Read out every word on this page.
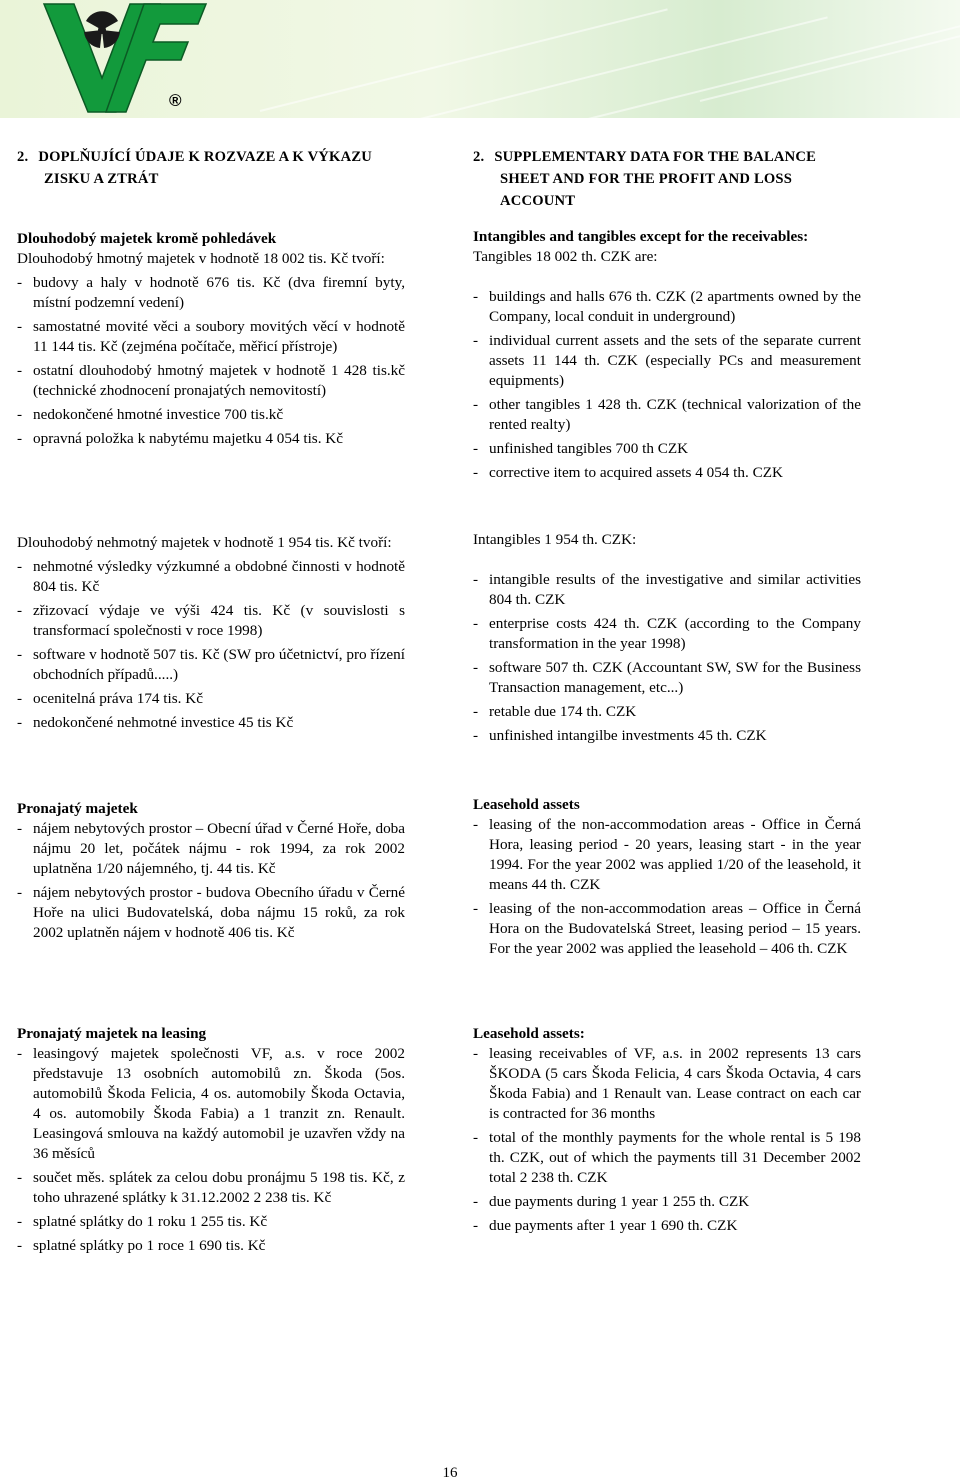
®
2. DOPLŇUJÍCÍ ÚDAJE K ROZVAZE A K VÝKAZU
ZISKU A ZTRÁT

Dlouhodobý majetek kromě pohledávek

Dlouhodobý hmotný majetek v hodnotě 18 002 tis. Kč tvoří:

- budovy a haly v hodnotě 676 tis. Kč (dva firemní byty, místní podzemní vedení)
- samostatné movité věci a soubory movitých věcí v hodnotě 11 144 tis. Kč (zejména počítače, měřicí přístroje)
- ostatní dlouhodobý hmotný majetek v hodnotě 1 428 tis.kč (technické zhodnocení pronajatých nemovitostí)
- nedokončené hmotné investice 700 tis.kč
- opravná položka k nabytému majetku 4 054 tis. Kč

Dlouhodobý nehmotný majetek v hodnotě 1 954 tis. Kč tvoří:

- nehmotné výsledky výzkumné a obdobné činnosti v hodnotě 804 tis. Kč
- zřizovací výdaje ve výši 424 tis. Kč (v souvislosti s transformací společnosti v roce 1998)
- software v hodnotě 507 tis. Kč (SW pro účetnictví, pro řízení obchodních případů.....)
- ocenitelná práva 174 tis. Kč
- nedokončené nehmotné investice 45 tis Kč

Pronajatý majetek

- nájem nebytových prostor – Obecní úřad v Černé Hoře, doba nájmu 20 let, počátek nájmu - rok 1994, za rok 2002 uplatněna 1/20 nájemného, tj. 44 tis. Kč
- nájem nebytových prostor - budova Obecního úřadu v Černé Hoře na ulici Budovatelská, doba nájmu 15 roků, za rok 2002 uplatněn nájem v hodnotě 406 tis. Kč

Pronajatý majetek na leasing

- leasingový majetek společnosti VF, a.s. v roce 2002 představuje 13 osobních automobilů zn. Škoda (5os. automobilů Škoda Felicia, 4 os. automobily Škoda Octavia, 4 os. automobily Škoda Fabia) a 1 tranzit zn. Renault. Leasingová smlouva na každý automobil je uzavřen vždy na 36 měsíců
- součet měs. splátek za celou dobu pronájmu 5 198 tis. Kč, z toho uhrazené splátky k 31.12.2002 2 238 tis. Kč
- splatné splátky do 1 roku 1 255 tis. Kč
- splatné splátky po 1 roce 1 690 tis. Kč
2. SUPPLEMENTARY DATA FOR THE BALANCE
SHEET AND FOR THE PROFIT AND LOSS
ACCOUNT

Intangibles and tangibles except for the receivables:

Tangibles 18 002 th. CZK are:

- buildings and halls 676 th. CZK (2 apartments owned by the Company, local conduit in underground)
- individual current assets and the sets of the separate current assets 11 144 th. CZK (especially PCs and measurement equipments)
- other tangibles 1 428 th. CZK (technical valorization of the rented realty)
- unfinished tangibles 700 th CZK
- corrective item to acquired assets 4 054 th. CZK

Intangibles 1 954 th. CZK:

- intangible results of the investigative and similar activities 804 th. CZK
- enterprise costs 424 th. CZK (according to the Company transformation in the year 1998)
- software 507 th. CZK (Accountant SW, SW for the Business Transaction management, etc...)
- retable due 174 th. CZK
- unfinished intangilbe investments 45 th. CZK

Leasehold assets

- leasing of the non-accommodation areas - Office in Černá Hora, leasing period - 20 years, leasing start - in the year 1994. For the year 2002 was applied 1/20 of the leasehold, it means 44 th. CZK
- leasing of the non-accommodation areas – Office in Černá Hora on the Budovatelská Street, leasing period – 15 years. For the year 2002 was applied the leasehold – 406 th. CZK

Leasehold assets:

- leasing receivables of VF, a.s. in 2002 represents 13 cars ŠKODA (5 cars Škoda Felicia, 4 cars Škoda Octavia, 4 cars Škoda Fabia) and 1 Renault van. Lease contract on each car is contracted for 36 months
- total of the monthly payments for the whole rental is 5 198 th. CZK, out of which the payments till 31 December 2002 total 2 238 th. CZK
- due payments during 1 year 1 255 th. CZK
- due payments after 1 year 1 690 th. CZK
16
